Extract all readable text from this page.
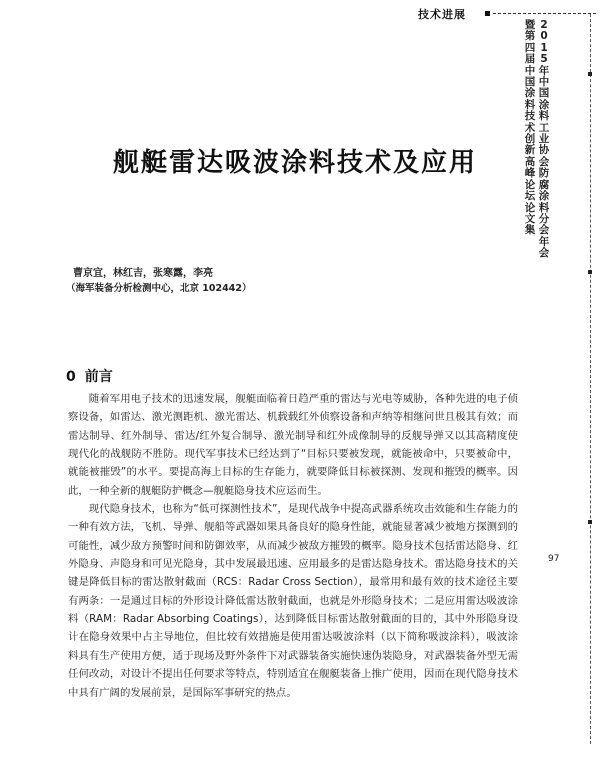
技术进展
2015年中国涂料工业协会防腐涂料分会年会
暨第四届中国涂料技术创新高峰论坛论文集
97
舰艇雷达吸波涂料技术及应用
曹京宜，林红吉，张寒露，李亮
（海军装备分析检测中心，北京 102442）
0 前言

随着军用电子技术的迅速发展，舰艇面临着日趋严重的雷达与光电等威胁，各种先进的电子侦察设备，如雷达、激光测距机、激光雷达、机载载红外侦察设备和声纳等相继问世且极其有效；而雷达制导、红外制导、雷达/红外复合制导、激光制导和红外成像制导的反舰导弹又以其高精度使现代化的战舰防不胜防。现代军事技术已经达到了“目标只要被发现，就能被命中，只要被命中，就能被摧毁”的水平。要提高海上目标的生存能力，就要降低目标被探测、发现和摧毁的概率。因此，一种全新的舰艇防护概念—舰艇隐身技术应运而生。

现代隐身技术，也称为“低可探测性技术”，是现代战争中提高武器系统攻击效能和生存能力的一种有效方法，飞机、导弹、舰船等武器如果具备良好的隐身性能，就能显著减少被地方探测到的可能性，减少敌方预警时间和防御效率，从而减少被敌方摧毁的概率。隐身技术包括雷达隐身、红外隐身、声隐身和可见光隐身，其中发展最迅速、应用最多的是雷达隐身技术。雷达隐身技术的关键是降低目标的雷达散射截面（RCS：Radar Cross Section），最常用和最有效的技术途径主要有两条：一是通过目标的外形设计降低雷达散射截面，也就是外形隐身技术；二是应用雷达吸波涂料（RAM：Radar Absorbing Coatings），达到降低目标雷达散射截面的目的，其中外形隐身设计在隐身效果中占主导地位，但比较有效措施是使用雷达吸波涂料（以下简称吸波涂料），吸波涂料具有生产使用方便，适于现场及野外条件下对武器装备实施快速伪装隐身，对武器装备外型无需任何改动，对设计不提出任何要求等特点，特别适宜在舰艇装备上推广使用，因而在现代隐身技术中具有广阔的发展前景，是国际军事研究的热点。
